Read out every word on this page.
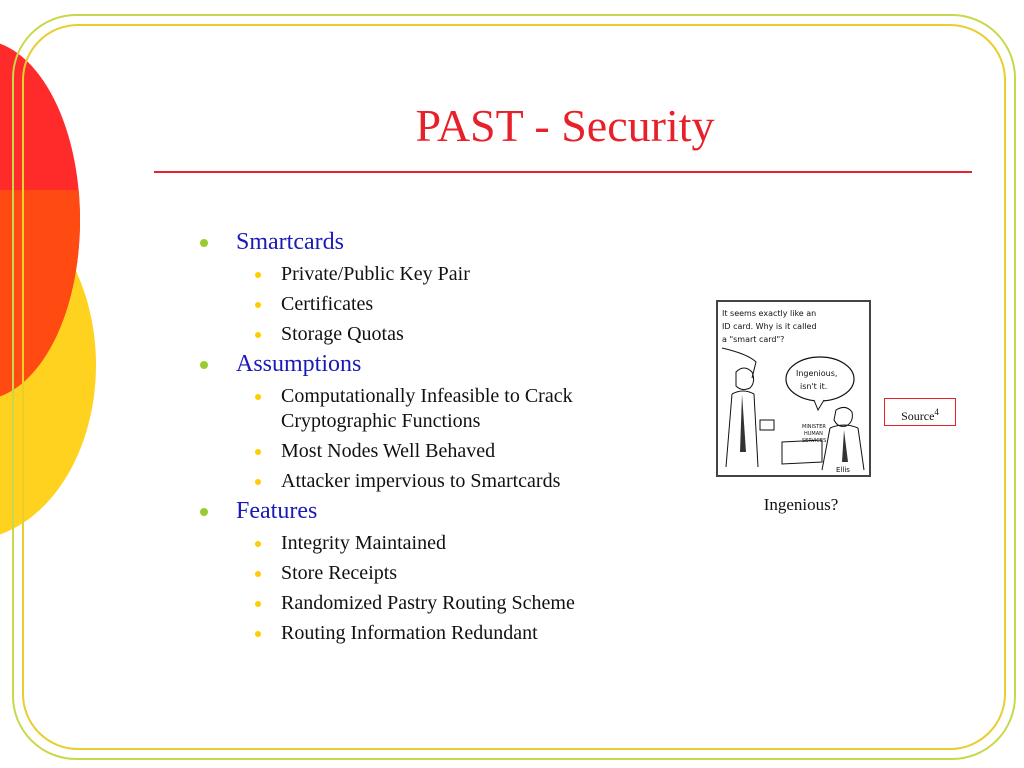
PAST - Security
Smartcards
Private/Public Key Pair
Certificates
Storage Quotas
Assumptions
Computationally Infeasible to Crack Cryptographic Functions
Most Nodes Well Behaved
Attacker impervious to Smartcards
Features
Integrity Maintained
Store Receipts
Randomized Pastry Routing Scheme
Routing Information Redundant
It seems exactly like an
ID card. Why is it called
a "smart card"?
Ingenious,
isn't it.
MINISTER
HUMAN
SERVICES
Ellis
Source$^4$
Ingenious?
